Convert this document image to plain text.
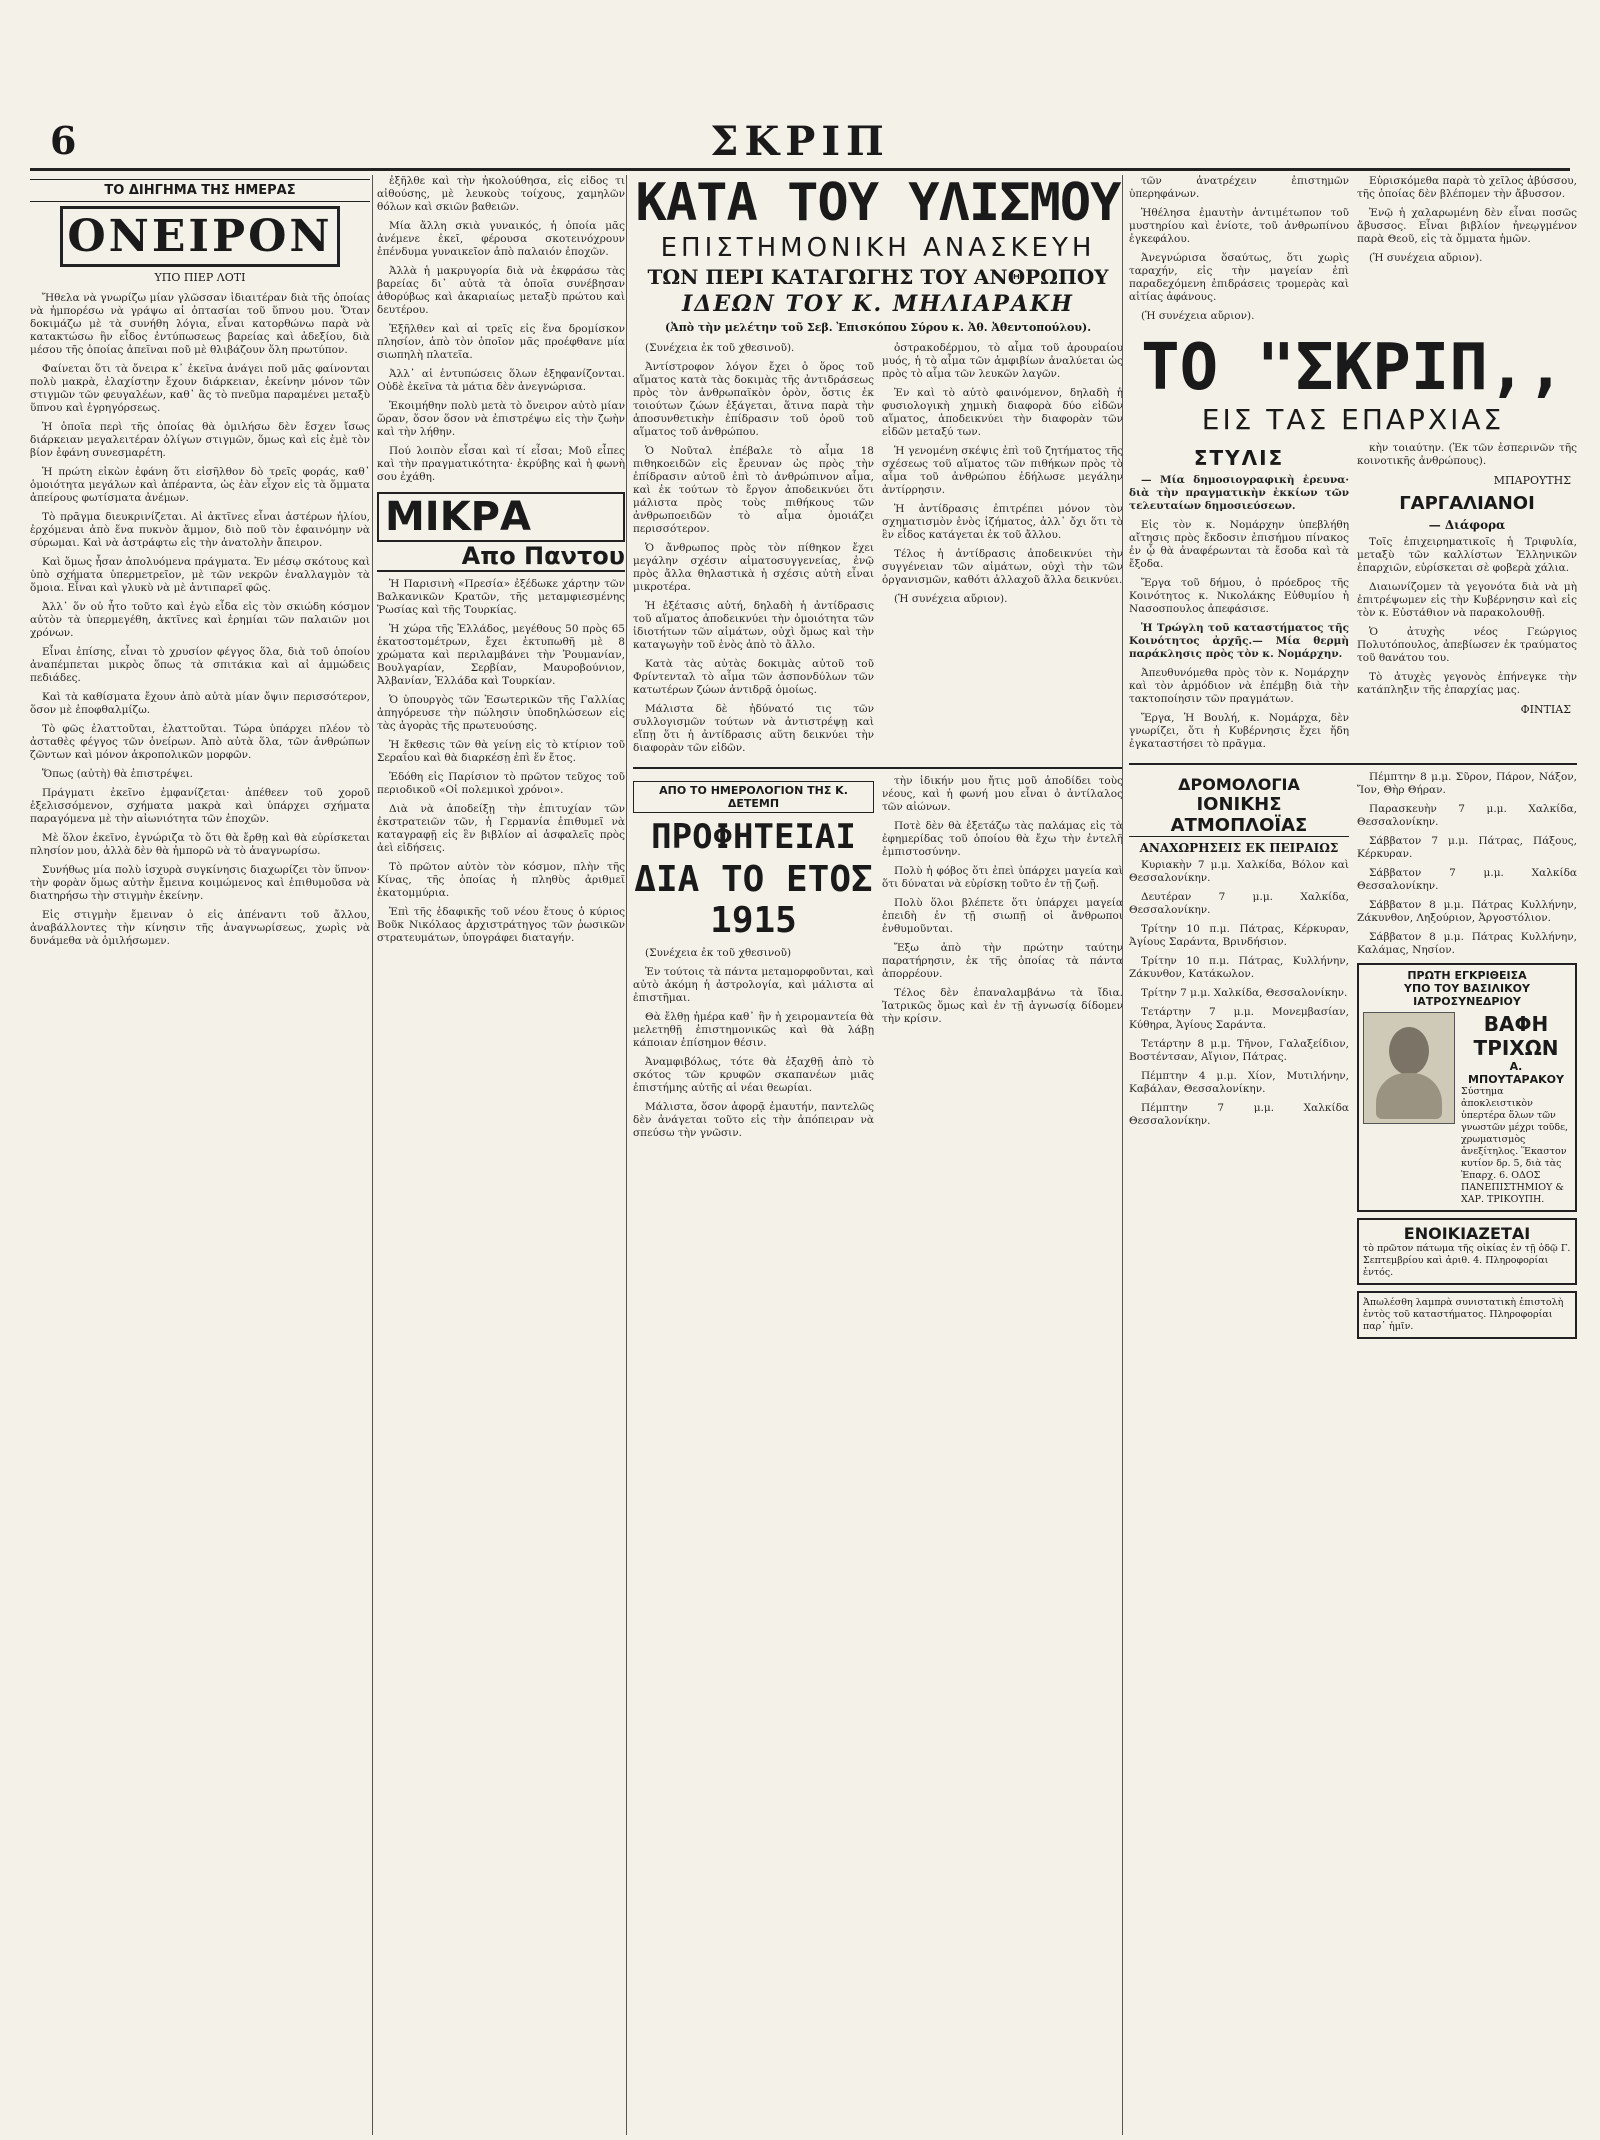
6	ΣΚΡΙΠ
ΤΟ ΔΙΗΓΗΜΑ ΤΗΣ ΗΜΕΡΑΣ
ΟΝΕΙΡΟΝ
ΥΠΟ ΠΙΕΡ ΛΟΤΙ

Ἤθελα νὰ γνωρίζω μίαν γλῶσσαν ἰδιαιτέραν διὰ τῆς ὁποίας νὰ ἠμπορέσω νὰ γράψω αἱ ὀπτασίαι τοῦ ὕπνου μου. Ὅταν δοκιμάζω μὲ τὰ συνήθη λόγια, εἶναι κατορθώνω παρὰ νὰ κατακτώσω ἢν εἶδος ἐντύπωσεως βαρείας καὶ ἀδεξίου, διὰ μέσου τῆς ὁποίας ἀπεῖναι ποῦ μὲ θλιβάζουν ὅλη πρωτύπον.

Φαίνεται ὅτι τὰ ὄνειρα κ᾿ ἐκεῖνα ἀνάγει ποῦ μᾶς φαίνονται πολὺ μακρὰ, ἐλαχίστην ἔχουν διάρκειαν, ἐκείνην μόνον τῶν στιγμῶν τῶν φευγαλέων, καθ᾿ ἃς τὸ πνεῦμα παραμένει μεταξὺ ὕπνου καὶ ἐγρηγόρσεως.

Ἡ ὁποῖα περὶ τῆς ὁποίας θὰ ὁμιλήσω δὲν ἔσχεν ἴσως διάρκειαν μεγαλειτέραν ὀλίγων στιγμῶν, ὅμως καὶ εἰς ἐμὲ τὸν βίον ἐφάνη συνεσμαρέτη.

Ἡ πρώτη εἰκὼν ἐφάνη ὅτι εἰσῆλθον δὸ τρεῖς φοράς, καθ᾿ ὁμοιότητα μεγάλων καὶ ἀπέραντα, ὡς ἐὰν εἶχον εἰς τὰ ὅμματα ἀπείρους φωτίσματα ἀνέμων.

Τὸ πρᾶγμα διευκρινίζεται. Αἱ ἀκτῖνες εἶναι ἀστέρων ἡλίου, ἐρχόμεναι ἀπὸ ἕνα πυκνὸν ἄμμον, διὸ ποῦ τὸν ἐφαινόμην νὰ σύρωμαι. Καὶ νὰ ἀστράφτω εἰς τὴν ἀνατολὴν ἄπειρον.

Καὶ ὅμως ἦσαν ἀπολυόμενα πράγματα. Ἐν μέσῳ σκότους καὶ ὑπὸ σχήματα ὑπερμετρεῖον, μὲ τῶν νεκρῶν ἐναλλαγμὸν τὰ ὅμοια. Εἶναι καὶ γλυκὺ νὰ μὲ ἀντιπαρεῖ φῶς.

Ἀλλ᾿ ὅν οὐ ἦτο τοῦτο καὶ ἐγὼ εἶδα εἰς τὸν σκιώδη κόσμον αὐτὸν τὰ ὑπερμεγέθη, ἀκτῖνες καὶ ἐρημίαι τῶν παλαιῶν μοι χρόνων.

Εἶναι ἐπίσης, εἶναι τὸ χρυσίον φέγγος ὅλα, διὰ τοῦ ὁποίου ἀναπέμπεται μικρὸς ὅπως τὰ σπιτάκια καὶ αἱ ἀμμώδεις πεδιάδες.

Καὶ τὰ καθίσματα ἔχουν ἀπὸ αὐτὰ μίαν ὄψιν περισσότερον, ὅσον μὲ ἐποφθαλμίζω.

Τὸ φῶς ἐλαττοῦται, ἐλαττοῦται. Τώρα ὑπάρχει πλέον τὸ ἀσταθὲς φέγγος τῶν ὀνείρων. Ἀπὸ αὐτὰ ὅλα, τῶν ἀνθρώπων ζῶντων καὶ μόνον ἀκροπολικῶν μορφῶν.

Ὅπως (αὐτὴ) θὰ ἐπιστρέψει.

Πράγματι ἐκεῖνο ἐμφανίζεται· ἀπέθεεν τοῦ χοροῦ ἐξελισσόμενον, σχήματα μακρὰ καὶ ὑπάρχει σχήματα παραγόμενα μὲ τὴν αἰωνιότητα τῶν ἐποχῶν.

Μὲ ὅλον ἐκεῖνο, ἐγνώριζα τὸ ὅτι θὰ ἔρθῃ καὶ θὰ εὑρίσκεται πλησίον μου, ἀλλὰ δὲν θὰ ἠμπορῶ νὰ τὸ ἀναγνωρίσω.

Συνήθως μία πολὺ ἰσχυρὰ συγκίνησις διαχωρίζει τὸν ὕπνον· τὴν φορὰν ὅμως αὐτὴν ἔμεινα κοιμώμενος καὶ ἐπιθυμοῦσα νὰ διατηρήσω τὴν στιγμὴν ἐκείνην.

Εἰς στιγμὴν ἔμειναν ὁ εἰς ἀπέναντι τοῦ ἄλλου, ἀναβάλλοντες τὴν κίνησιν τῆς ἀναγνωρίσεως, χωρὶς νὰ δυνάμεθα νὰ ὁμιλήσωμεν.

ἐξῆλθε καὶ τὴν ἠκολούθησα, εἰς εἶδος τι αἰθούσης, μὲ λευκοὺς τοίχους, χαμηλῶν θόλων καὶ σκιῶν βαθειῶν.

Μία ἄλλη σκιὰ γυναικός, ἡ ὁποία μᾶς ἀνέμενε ἐκεῖ, φέρουσα σκοτεινόχρουν ἐπένδυμα γυναικεῖον ἀπὸ παλαιόν ἐποχῶν.

Ἀλλὰ ἡ μακρυγορία διὰ νὰ ἐκφράσω τὰς βαρείας δι᾿ αὐτὰ τὰ ὁποῖα συνέβησαν ἀθορύβως καὶ ἀκαριαίως μεταξὺ πρώτου καὶ δευτέρου.

Ἐξῆλθεν καὶ αἱ τρεῖς εἰς ἕνα δρομίσκον πλησίον, ἀπὸ τὸν ὁποῖον μᾶς προέφθανε μία σιωπηλὴ πλατεῖα.

Ἀλλ᾿ αἱ ἐντυπώσεις ὅλων ἐξηφανίζονται. Οὐδὲ ἐκεῖνα τὰ μάτια δὲν ἀνεγνώρισα.

Ἐκοιμήθην πολὺ μετὰ τὸ ὄνειρον αὐτὸ μίαν ὥραν, ὅσον ὅσον νὰ ἐπιστρέψω εἰς τὴν ζωὴν καὶ τὴν λήθην.

Πού λοιπὸν εἶσαι καὶ τί εἶσαι; Μοῦ εἶπες καὶ τὴν πραγματικότητα· ἐκρύβης καὶ ἡ φωνὴ σου ἐχάθη.

ΜΙΚΡΑ
Απο Παντου

Ἡ Παρισινὴ «Πρεσία» ἐξέδωκε χάρτην τῶν Βαλκανικῶν Κρατῶν, τῆς μεταμφιεσμένης Ῥωσίας καὶ τῆς Τουρκίας.

Ἡ χώρα τῆς Ἑλλάδος, μεγέθους 50 πρὸς 65 ἑκατοστομέτρων, ἔχει ἐκτυπωθῆ μὲ 8 χρώματα καὶ περιλαμβάνει τὴν Ῥουμανίαν, Βουλγαρίαν, Σερβίαν, Μαυροβούνιον, Ἀλβανίαν, Ἑλλάδα καὶ Τουρκίαν.

Ὁ ὑπουργὸς τῶν Ἐσωτερικῶν τῆς Γαλλίας ἀπηγόρευσε τὴν πώλησιν ὑποδηλώσεων εἰς τὰς ἀγορὰς τῆς πρωτευούσης.

Ἡ ἔκθεσις τῶν θὰ γείνῃ εἰς τὸ κτίριον τοῦ Σεραΐου καὶ θὰ διαρκέσῃ ἐπὶ ἕν ἔτος.

Ἐδόθη εἰς Παρίσιον τὸ πρῶτον τεῦχος τοῦ περιοδικοῦ «Οἱ πολεμικοὶ χρόνοι».

Διὰ νὰ ἀποδείξῃ τὴν ἐπιτυχίαν τῶν ἐκστρατειῶν τῶν, ἡ Γερμανία ἐπιθυμεῖ νὰ καταγραφῇ εἰς ἓν βιβλίον αἱ ἀσφαλεῖς πρὸς ἀεὶ εἰδήσεις.

Τὸ πρῶτον αὐτὸν τὸν κόσμον, πλὴν τῆς Κίνας, τῆς ὁποίας ἡ πληθὺς ἀριθμεῖ ἑκατομμύρια.

Ἐπὶ τῆς ἐδαφικῆς τοῦ νέου ἔτους ὁ κύριος Βοῦκ Νικόλαος ἀρχιστράτηγος τῶν ῥωσικῶν στρατευμάτων, ὑπογράφει διαταγήν.

ΚΑΤΑ ΤΟΥ ΥΛΙΣΜΟΥ
ΕΠΙΣΤΗΜΟΝΙΚΗ ΑΝΑΣΚΕΥΗ
ΤΩΝ ΠΕΡΙ ΚΑΤΑΓΩΓΗΣ ΤΟΥ ΑΝΘΡΩΠΟΥ
ΙΔΕΩΝ ΤΟΥ Κ. ΜΗΛΙΑΡΑΚΗ
(Ἀπὸ τὴν μελέτην τοῦ Σεβ. Ἐπισκόπου Σύρου κ. Ἀθ. Ἀθεντοπούλου).

(Συνέχεια ἐκ τοῦ χθεσινοῦ).

Ἀντίστροφον λόγον ἔχει ὁ ὅρος τοῦ αἵματος κατὰ τὰς δοκιμὰς τῆς ἀντιδράσεως πρὸς τὸν ἀνθρωπαϊκὸν ὀρὸν, ὅστις ἐκ τοιούτων ζώων ἐξάγεται, ἅτινα παρὰ τὴν ἀποσυνθετικὴν ἐπίδρασιν τοῦ ὀροῦ τοῦ αἵματος τοῦ ἀνθρώπου.

Ὁ Νοῦταλ ἐπέβαλε τὸ αἷμα 18 πιθηκοειδῶν εἰς ἔρευναν ὡς πρὸς τὴν ἐπίδρασιν αὐτοῦ ἐπὶ τὸ ἀνθρώπινον αἷμα, καὶ ἐκ τούτων τὸ ἔργον ἀποδεικνύει ὅτι μάλιστα πρὸς τοὺς πιθήκους τῶν ἀνθρωποειδῶν τὸ αἷμα ὁμοιάζει περισσότερον.

Ὁ ἄνθρωπος πρὸς τὸν πίθηκον ἔχει μεγάλην σχέσιν αἱματοσυγγενείας, ἐνῷ πρὸς ἄλλα θηλαστικὰ ἡ σχέσις αὐτὴ εἶναι μικροτέρα.

Ἡ ἐξέτασις αὐτή, δηλαδὴ ἡ ἀντίδρασις τοῦ αἵματος ἀποδεικνύει τὴν ὁμοιότητα τῶν ἰδιοτήτων τῶν αἱμάτων, οὐχὶ ὅμως καὶ τὴν καταγωγὴν τοῦ ἑνὸς ἀπὸ τὸ ἄλλο.

Κατὰ τὰς αὐτὰς δοκιμὰς αὐτοῦ τοῦ Φρίντενταλ τὸ αἷμα τῶν ἀσπονδύλων τῶν κατωτέρων ζώων ἀντιδρᾷ ὁμοίως.

Μάλιστα δὲ ἠδύνατό τις τῶν συλλογισμῶν τούτων νὰ ἀντιστρέψῃ καὶ εἴπῃ ὅτι ἡ ἀντίδρασις αὕτη δεικνύει τὴν διαφορὰν τῶν εἰδῶν.

ὀστρακοδέρμου, τὸ αἷμα τοῦ ἀρουραίου μυός, ἡ τὸ αἷμα τῶν ἀμφιβίων ἀναλύεται ὡς πρὸς τὸ αἷμα τῶν λευκῶν λαγῶν.

Ἐν καὶ τὸ αὐτὸ φαινόμενον, δηλαδὴ ἡ φυσιολογικὴ χημικὴ διαφορὰ δύο εἰδῶν αἵματος, ἀποδεικνύει τὴν διαφορὰν τῶν εἰδῶν μεταξύ των.

Ἡ γενομένη σκέψις ἐπὶ τοῦ ζητήματος τῆς σχέσεως τοῦ αἵματος τῶν πιθήκων πρὸς τὸ αἷμα τοῦ ἀνθρώπου ἐδήλωσε μεγάλην ἀντίρρησιν.

Ἡ ἀντίδρασις ἐπιτρέπει μόνον τὸν σχηματισμὸν ἑνὸς ἰζήματος, ἀλλ᾿ ὄχι ὅτι τὸ ἓν εἶδος κατάγεται ἐκ τοῦ ἄλλου.

Τέλος ἡ ἀντίδρασις ἀποδεικνύει τὴν συγγένειαν τῶν αἱμάτων, οὐχὶ τὴν τῶν ὀργανισμῶν, καθότι ἀλλαχοῦ ἄλλα δεικνύει.

(Ἡ συνέχεια αὔριον).

ΑΠΟ ΤΟ ΗΜΕΡΟΛΟΓΙΟΝ ΤΗΣ Κ. ΔΕΤΕΜΠ
ΠΡΟΦΗΤΕΙΑΙ
ΔΙΑ ΤΟ ΕΤΟΣ 1915

(Συνέχεια ἐκ τοῦ χθεσινοῦ)

Ἐν τούτοις τὰ πάντα μεταμορφοῦνται, καὶ αὐτὸ ἀκόμη ἡ ἀστρολογία, καὶ μάλιστα αἱ ἐπιστῆμαι.

Θὰ ἔλθῃ ἡμέρα καθ᾿ ἣν ἡ χειρομαντεία θὰ μελετηθῇ ἐπιστημονικῶς καὶ θὰ λάβῃ κάποιαν ἐπίσημον θέσιν.

Ἀναμφιβόλως, τότε θὰ ἐξαχθῇ ἀπὸ τὸ σκότος τῶν κρυφῶν σκαπανέων μιᾶς ἐπιστήμης αὐτῆς αἱ νέαι θεωρίαι.

Μάλιστα, ὅσον ἀφορᾷ ἐμαυτήν, παντελῶς δὲν ἀνάγεται τοῦτο εἰς τὴν ἀπόπειραν νὰ σπεύσω τὴν γνῶσιν.

τὴν ἰδικήν μου ἤτις μοῦ ἀποδίδει τοὺς νέους, καὶ ἡ φωνή μου εἶναι ὁ ἀντίλαλος τῶν αἰώνων.

Ποτὲ δὲν θὰ ἐξετάζω τὰς παλάμας εἰς τὰ ἐφημερίδας τοῦ ὁποίου θὰ ἔχω τὴν ἐντελῆ ἐμπιστοσύνην.

Πολὺ ἡ φόβος ὅτι ἐπεὶ ὑπάρχει μαγεία καὶ ὅτι δύναται νὰ εὑρίσκῃ τοῦτο ἐν τῇ ζωῇ.

Πολὺ ὅλοι βλέπετε ὅτι ὑπάρχει μαγεία ἐπειδὴ ἐν τῇ σιωπῇ οἱ ἄνθρωποι ἐνθυμοῦνται.

Ἔξω ἀπὸ τὴν πρώτην ταύτην παρατήρησιν, ἐκ τῆς ὁποίας τὰ πάντα ἀπορρέουν.

Τέλος δὲν ἐπαναλαμβάνω τὰ ἴδια. Ἰατρικῶς ὅμως καὶ ἐν τῇ ἀγνωσίᾳ δίδομεν τὴν κρίσιν.

τῶν ἀνατρέχειν ἐπιστημῶν ὑπερηφάνων.

Ἡθέλησα ἐμαυτὴν ἀντιμέτωπον τοῦ μυστηρίου καὶ ἐνίοτε, τοῦ ἀνθρωπίνου ἐγκεφάλου.

Ἀνεγνώρισα ὅσαύτως, ὅτι χωρὶς ταραχήν, εἰς τὴν μαγείαν ἐπὶ παραδεχόμενη ἐπιδράσεις τρομερὰς καὶ αἰτίας ἀφάνους.

(Ἡ συνέχεια αὔριον).

Εὑρισκόμεθα παρὰ τὸ χεῖλος ἀβύσσου, τῆς ὁποίας δὲν βλέπομεν τὴν ἄβυσσον.

Ἐνῷ ἡ χαλαρωμένη δὲν εἶναι ποσῶς ἄβυσσος. Εἶναι βιβλίον ἠνεῳγμένον παρὰ Θεοῦ, εἰς τὰ ὄμματα ἡμῶν.

(Ἡ συνέχεια αὔριον).

ΤΟ "ΣΚΡΙΠ,,
ΕΙΣ ΤΑΣ ΕΠΑΡΧΙΑΣ
ΣΤΥΛΙΣ

— Μία δημοσιογραφικὴ ἐρευνα· διὰ τὴν πραγματικὴν ἐκκίων τῶν τελευταίων δημοσιεύσεων.

Εἰς τὸν κ. Νομάρχην ὑπεβλήθη αἴτησις πρὸς ἔκδοσιν ἐπισήμου πίνακος ἐν ᾧ θὰ ἀναφέρωνται τὰ ἔσοδα καὶ τὰ ἔξοδα.

Ἔργα τοῦ δήμου, ὁ πρόεδρος τῆς Κοινότητος κ. Νικολάκης Εὐθυμίου ἡ Νασοσπουλος ἀπεφάσισε.

Ἡ Τρώγλη τοῦ καταστήματος τῆς Κοινότητος ἀρχῆς.— Μία θερμὴ παράκλησις πρὸς τὸν κ. Νομάρχην.

Ἀπευθυνόμεθα πρὸς τὸν κ. Νομάρχην καὶ τὸν ἀρμόδιον νὰ ἐπέμβῃ διὰ τὴν τακτοποίησιν τῶν πραγμάτων.

Ἔργα, Ἡ Βουλή, κ. Νομάρχα, δὲν γνωρίζει, ὅτι ἡ Κυβέρνησις ἔχει ἤδη ἐγκαταστήσει τὸ πρᾶγμα.

κὴν τοιαύτην. (Ἐκ τῶν ἐσπερινῶν τῆς κοινοτικῆς ἀνθρώπους).

ΜΠΑΡΟΥΤΗΣ
ΓΑΡΓΑΛΙΑΝΟΙ
— Διάφορα

Τοῖς ἐπιχειρηματικοῖς ἡ Τριφυλία, μεταξὺ τῶν καλλίστων Ἑλληνικῶν ἐπαρχιῶν, εὑρίσκεται σὲ φοβερὰ χάλια.

Διαιωνίζομεν τὰ γεγονότα διὰ νὰ μὴ ἐπιτρέψωμεν εἰς τὴν Κυβέρνησιν καὶ εἰς τὸν κ. Εὐστάθιον νὰ παρακολουθῇ.

Ὁ ἀτυχὴς νέος Γεώργιος Πολυτόπουλος, ἀπεβίωσεν ἐκ τραύματος τοῦ θανάτου του.

Τὸ ἀτυχὲς γεγονὸς ἐπήνεγκε τὴν κατάπληξιν τῆς ἐπαρχίας μας.

ΦΙΝΤΙΑΣ
ΔΡΟΜΟΛΟΓΙΑ
ΙΟΝΙΚΗΣ ΑΤΜΟΠΛΟΪΑΣ
ΑΝΑΧΩΡΗΣΕΙΣ ΕΚ ΠΕΙΡΑΙΩΣ

Κυριακὴν 7 μ.μ. Χαλκίδα, Βόλον καὶ Θεσσαλονίκην.

Δευτέραν 7 μ.μ. Χαλκίδα, Θεσσαλονίκην.

Τρίτην 10 π.μ. Πάτρας, Κέρκυραν, Ἀγίους Σαράντα, Βρινδήσιον.

Τρίτην 10 π.μ. Πάτρας, Κυλλήνην, Ζάκυνθον, Κατάκωλον.

Τρίτην 7 μ.μ. Χαλκίδα, Θεσσαλονίκην.

Τετάρτην 7 μ.μ. Μονεμβασίαν, Κύθηρα, Ἀγίους Σαράντα.

Τετάρτην 8 μ.μ. Τῆνον, Γαλαξείδιον, Βοστέντσαν, Αἴγιον, Πάτρας.

Πέμπτην 4 μ.μ. Χίον, Μυτιλήνην, Καβάλαν, Θεσσαλονίκην.

Πέμπτην 7 μ.μ. Χαλκίδα Θεσσαλονίκην.

Πέμπτην 8 μ.μ. Σῦρον, Πάρον, Νάξον, Ἴον, Θὴρ Θήραν.

Παρασκευὴν 7 μ.μ. Χαλκίδα, Θεσσαλονίκην.

Σάββατον 7 μ.μ. Πάτρας, Πάξους, Κέρκυραν.

Σάββατον 7 μ.μ. Χαλκίδα Θεσσαλονίκην.

Σάββατον 8 μ.μ. Πάτρας Κυλλήνην, Ζάκυνθον, Ληξούριον, Ἀργοστόλιον.

Σάββατον 8 μ.μ. Πάτρας Κυλλήνην, Καλάμας, Νησίον.

ΠΡΩΤΗ ΕΓΚΡΙΘΕΙΣΑ
ΥΠΟ ΤΟΥ ΒΑΣΙΛΙΚΟΥ ΙΑΤΡΟΣΥΝΕΔΡΙΟΥ
ΒΑΦΗ ΤΡΙΧΩΝ
Α. ΜΠΟΥΤΑΡΑΚΟΥ
Σύστημα ἀποκλειστικὸν ὑπερτέρα ὅλων τῶν γνωστῶν μέχρι τοῦδε, χρωματισμὸς ἀνεξίτηλος. Ἕκαστον κυτίον δρ. 5, διὰ τὰς Ἐπαρχ. 6. ΟΔΟΣ ΠΑΝΕΠΙΣΤΗΜΙΟΥ & ΧΑΡ. ΤΡΙΚΟΥΠΗ.
ΕΝΟΙΚΙΑΖΕΤΑΙ
τὸ πρῶτον πάτωμα τῆς οἰκίας ἐν τῇ ὁδῷ Γ. Σεπτεμβρίου καὶ ἀριθ. 4. Πληροφορίαι ἐντός.
Ἀπωλέσθη λαμπρὰ συνιστατικὴ ἐπιστολὴ ἐντὸς τοῦ καταστήματος. Πληροφορίαι παρ᾿ ἡμῖν.
